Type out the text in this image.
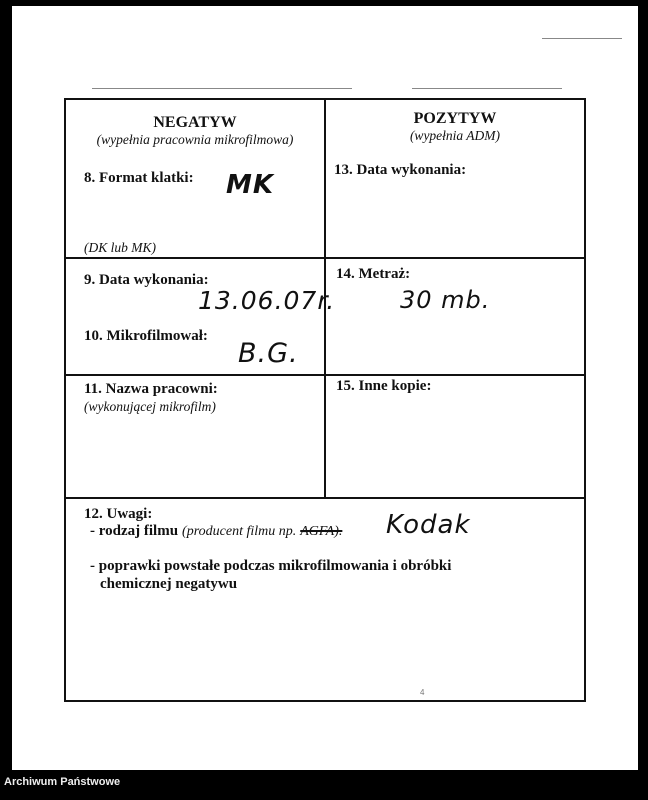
NEGATYW
(wypełnia pracownia mikrofilmowa)
POZYTYW
(wypełnia ADM)
8. Format klatki: MK
(DK lub MK)
13. Data wykonania:
9. Data wykonania:
13.06.07r.
14. Metraż:
30 mb.
10. Mikrofilmował:
B.G.
11. Nazwa pracowni:
(wykonującej mikrofilm)
15. Inne kopie:
12. Uwagi:
- rodzaj filmu (producent filmu np. AGFA). Kodak
- poprawki powstałe podczas mikrofilmowania i obróbki
chemicznej negatywu
4
Archiwum Państwowe
